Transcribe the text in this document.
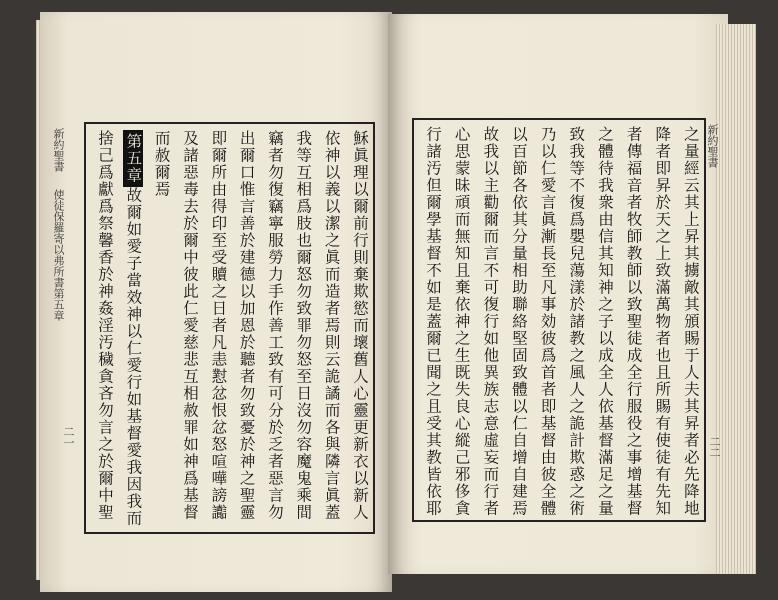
新約聖書  使徒保羅寄以弗所書第五章
二一
新約聖書
二二
穌眞理以爾前行則棄欺慾而壞舊人心靈更新衣以新人
依神以義以潔之眞而造者焉則云詭譎而各與隣言眞蓋
我等互相爲肢也爾怒勿致罪勿怒至日沒勿容魔鬼乘間
竊者勿復竊寧服勞力手作善工致有可分於乏者惡言勿
出爾口惟言善於建德以加恩於聽者勿致憂於神之聖靈
即爾所由得印至受贖之日者凡恚懟忿恨忿怒喧嘩謗讟
及諸惡毒去於爾中彼此仁愛慈悲互相赦罪如神爲基督
而赦爾焉
第五章故爾如愛子當效神以仁愛行如基督愛我因我而
捨己爲獻爲祭馨香於神姦淫汚穢貪吝勿言之於爾中聖	之量經云其上昇其擄敵其頒賜于人夫其昇者必先降地
降者即昇於天之上致滿萬物者也且所賜有使徒有先知
者傳福音者牧師教師以致聖徒成全行服役之事增基督
之體待我衆由信其知神之子以成全人依基督滿足之量
致我等不復爲嬰兒蕩漾於諸教之風人之詭計欺惑之術
乃以仁愛言眞漸長至凡事効彼爲首者即基督由彼全體
以百節各依其分量相助聯絡堅固致體以仁自增自建焉
故我以主勸爾而言不可復行如他異族志意虛妄而行者
心思蒙昧頑而無知且棄依神之生既失良心縱己邪侈貪
行諸汚但爾學基督不如是蓋爾已聞之且受其教皆依耶
